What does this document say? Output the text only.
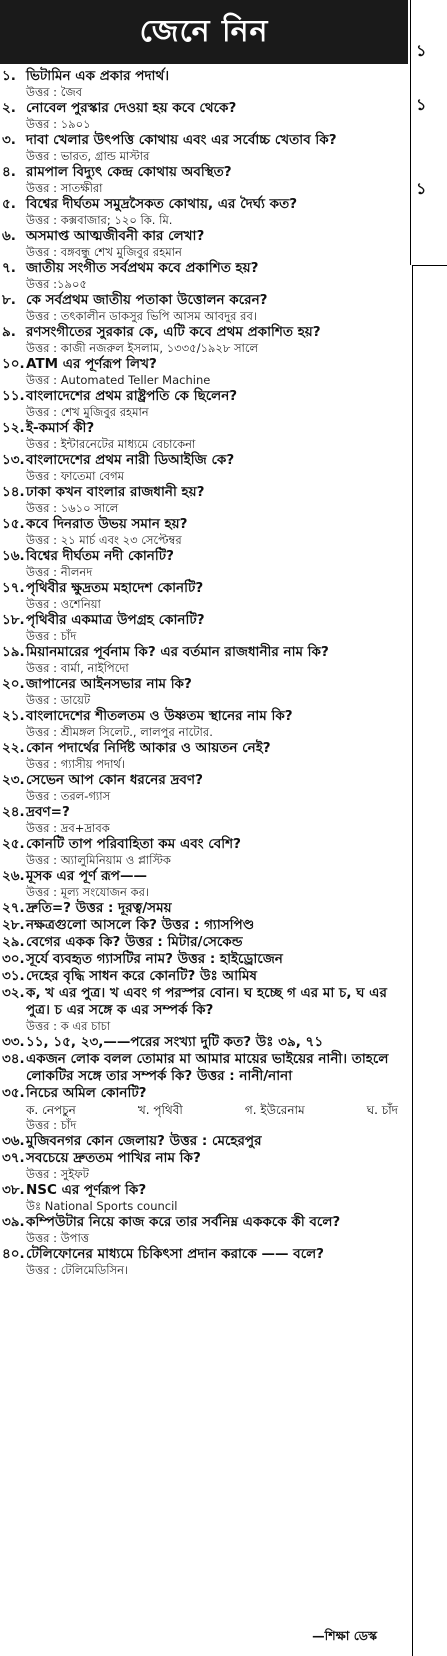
জেনে নিন
১. ভিটামিন এক প্রকার পদার্থ।
উত্তর : জৈব
২. নোবেল পুরস্কার দেওয়া হয় কবে থেকে?
উত্তর : ১৯০১
৩. দাবা খেলার উৎপত্তি কোথায় এবং এর সর্বোচ্চ খেতাব কি?
উত্তর : ভারত, গ্রান্ড মাস্টার
৪. রামপাল বিদ্যুৎ কেন্দ্র কোথায় অবস্থিত?
উত্তর : সাতক্ষীরা
৫. বিশ্বের দীর্ঘতম সমুদ্রসৈকত কোথায়, এর দৈর্ঘ্য কত?
উত্তর : কক্সবাজার; ১২০ কি. মি.
৬. অসমাপ্ত আত্মজীবনী কার লেখা?
উত্তর : বঙ্গবন্ধু শেখ মুজিবুর রহমান
৭. জাতীয় সংগীত সর্বপ্রথম কবে প্রকাশিত হয়?
উত্তর :১৯০৫
৮. কে সর্বপ্রথম জাতীয় পতাকা উত্তোলন করেন?
উত্তর : তৎকালীন ডাকসুর ভিপি আসম আবদুর রব।
৯. রণসংগীতের সুরকার কে, এটি কবে প্রথম প্রকাশিত হয়?
উত্তর : কাজী নজরুল ইসলাম, ১৩৩৫/১৯২৮ সালে
১০. ATM এর পূর্ণরূপ লিখ?
উত্তর : Automated Teller Machine
১১. বাংলাদেশের প্রথম রাষ্ট্রপতি কে ছিলেন?
উত্তর : শেখ মুজিবুর রহমান
১২. ই-কমার্স কী?
উত্তর : ইন্টারনেটের মাধ্যমে বেচাকেনা
১৩. বাংলাদেশের প্রথম নারী ডিআইজি কে?
উত্তর : ফাতেমা বেগম
১৪. ঢাকা কখন বাংলার রাজধানী হয়?
উত্তর : ১৬১০ সালে
১৫. কবে দিনরাত উভয় সমান হয়?
উত্তর : ২১ মার্চ এবং ২৩ সেপ্টেম্বর
১৬. বিশ্বের দীর্ঘতম নদী কোনটি?
উত্তর : নীলনদ
১৭. পৃথিবীর ক্ষুদ্রতম মহাদেশ কোনটি?
উত্তর : ওশেনিয়া
১৮. পৃথিবীর একমাত্র উপগ্রহ কোনটি?
উত্তর : চাঁদ
১৯. মিয়ানমারের পূর্বনাম কি? এর বর্তমান রাজধানীর নাম কি?
উত্তর : বার্মা, নাইপিদো
২০. জাপানের আইনসভার নাম কি?
উত্তর : ডায়েট
২১. বাংলাদেশের শীতলতম ও উষ্ণতম স্থানের নাম কি?
উত্তর : শ্রীমঙ্গল সিলেট., লালপুর নাটোর.
২২. কোন পদার্থের নির্দিষ্ট আকার ও আয়তন নেই?
উত্তর : গ্যাসীয় পদার্থ।
২৩. সেভেন আপ কোন ধরনের দ্রবণ?
উত্তর : তরল-গ্যাস
২৪. দ্রবণ=?
উত্তর : দ্রব+দ্রাবক
২৫. কোনটি তাপ পরিবাহিতা কম এবং বেশি?
উত্তর : অ্যালুমিনিয়াম ও প্লাস্টিক
২৬. মূসক এর পূর্ণ রূপ——
উত্তর : মূল্য সংযোজন কর।
২৭. দ্রুতি=? উত্তর : দূরত্ব/সময়
২৮. নক্ষত্রগুলো আসলে কি? উত্তর : গ্যাসপিণ্ড
২৯. বেগের একক কি? উত্তর : মিটার/সেকেন্ড
৩০. সূর্যে ব্যবহৃত গ্যাসটির নাম? উত্তর : হাইড্রোজেন
৩১. দেহের বৃদ্ধি সাধন করে কোনটি? উঃ আমিষ
৩২. ক, খ এর পুত্র। খ এবং গ পরস্পর বোন। ঘ হচ্ছে গ এর মা চ, ঘ এর পুত্র। চ এর সঙ্গে ক এর সম্পর্ক কি?
উত্তর : ক এর চাচা
৩৩. ১১, ১৫, ২৩,——পরের সংখ্যা দুটি কত? উঃ ৩৯, ৭১
৩৪. একজন লোক বলল তোমার মা আমার মায়ের ভাইয়ের নানী। তাহলে লোকটির সঙ্গে তার সম্পর্ক কি? উত্তর : নানী/নানা
৩৫. নিচের অমিল কোনটি?
ক. নেপচুন	খ. পৃথিবী	গ. ইউরেনাম	ঘ. চাঁদ
উত্তর : চাঁদ
৩৬. মুজিবনগর কোন জেলায়? উত্তর : মেহেরপুর
৩৭. সবচেয়ে দ্রুততম পাখির নাম কি?
উত্তর : সুইফট
৩৮. NSC এর পূর্ণরূপ কি?
উঃ National Sports council
৩৯. কম্পিউটার নিয়ে কাজ করে তার সর্বনিম্ন একককে কী বলে?
উত্তর : উপাত্ত
৪০. টেলিফোনের মাধ্যমে চিকিৎসা প্রদান করাকে —— বলে?
উত্তর : টেলিমেডিসিন।
—শিক্ষা ডেস্ক
১
১
১
